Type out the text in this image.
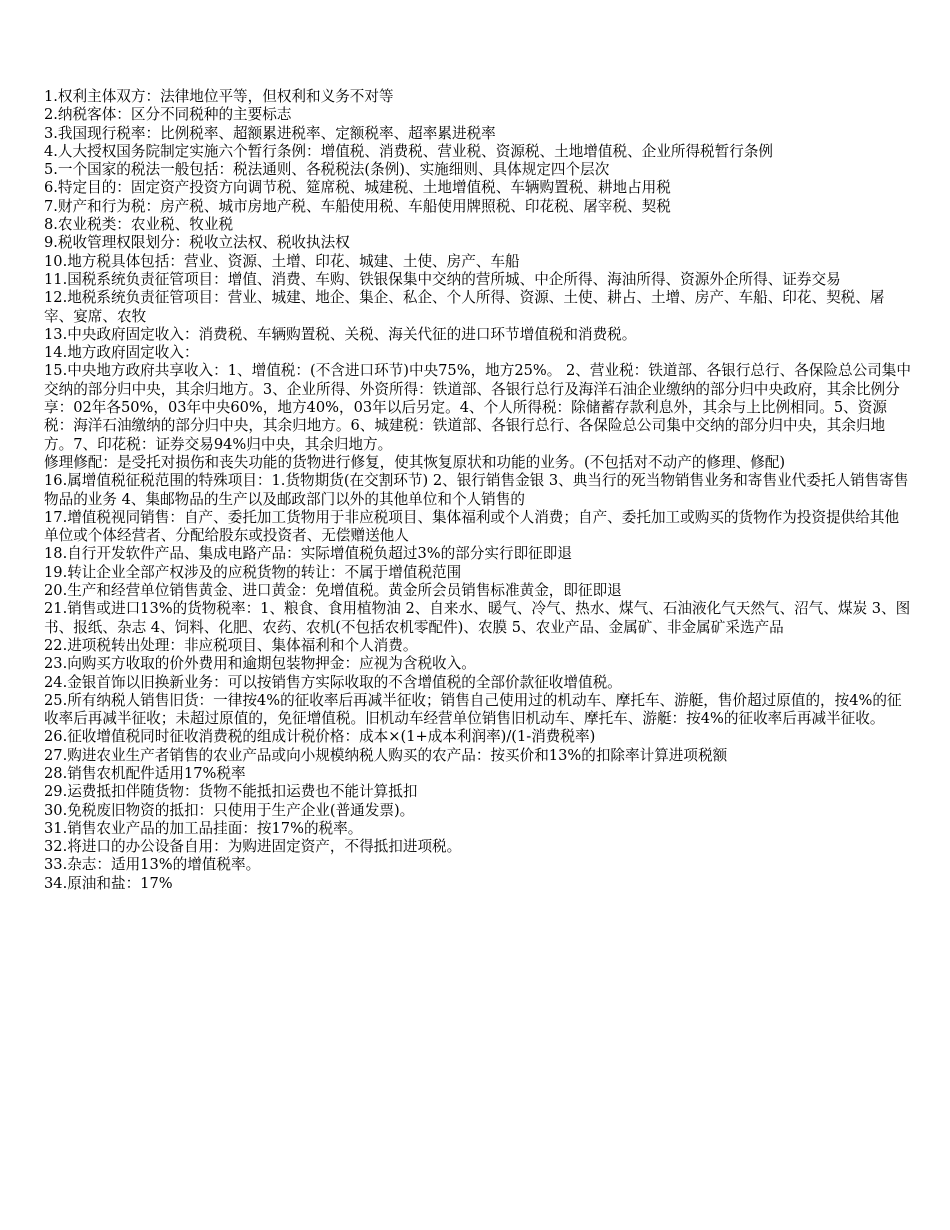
1.权利主体双方：法律地位平等，但权利和义务不对等

2.纳税客体：区分不同税种的主要标志

3.我国现行税率：比例税率、超额累进税率、定额税率、超率累进税率

4.人大授权国务院制定实施六个暂行条例：增值税、消费税、营业税、资源税、土地增值税、企业所得税暂行条例

5.一个国家的税法一般包括：税法通则、各税税法(条例)、实施细则、具体规定四个层次

6.特定目的：固定资产投资方向调节税、筵席税、城建税、土地增值税、车辆购置税、耕地占用税

7.财产和行为税：房产税、城市房地产税、车船使用税、车船使用牌照税、印花税、屠宰税、契税

8.农业税类：农业税、牧业税

9.税收管理权限划分：税收立法权、税收执法权

10.地方税具体包括：营业、资源、土增、印花、城建、土使、房产、车船

11.国税系统负责征管项目：增值、消费、车购、铁银保集中交纳的营所城、中企所得、海油所得、资源外企所得、证券交易

12.地税系统负责征管项目：营业、城建、地企、集企、私企、个人所得、资源、土使、耕占、土增、房产、车船、印花、契税、屠宰、宴席、农牧

13.中央政府固定收入：消费税、车辆购置税、关税、海关代征的进口环节增值税和消费税。

14.地方政府固定收入：

15.中央地方政府共享收入：1、增值税：(不含进口环节)中央75%，地方25%。 2、营业税：铁道部、各银行总行、各保险总公司集中交纳的部分归中央，其余归地方。3、企业所得、外资所得：铁道部、各银行总行及海洋石油企业缴纳的部分归中央政府，其余比例分享：02年各50%，03年中央60%，地方40%，03年以后另定。4、个人所得税：除储蓄存款利息外，其余与上比例相同。5、资源税：海洋石油缴纳的部分归中央，其余归地方。6、城建税：铁道部、各银行总行、各保险总公司集中交纳的部分归中央，其余归地方。7、印花税：证券交易94%归中央，其余归地方。

修理修配：是受托对损伤和丧失功能的货物进行修复，使其恢复原状和功能的业务。(不包括对不动产的修理、修配)

16.属增值税征税范围的特殊项目：1.货物期货(在交割环节) 2、银行销售金银 3、典当行的死当物销售业务和寄售业代委托人销售寄售物品的业务 4、集邮物品的生产以及邮政部门以外的其他单位和个人销售的

17.增值税视同销售：自产、委托加工货物用于非应税项目、集体福利或个人消费；自产、委托加工或购买的货物作为投资提供给其他单位或个体经营者、分配给股东或投资者、无偿赠送他人

18.自行开发软件产品、集成电路产品：实际增值税负超过3%的部分实行即征即退

19.转让企业全部产权涉及的应税货物的转让：不属于增值税范围

20.生产和经营单位销售黄金、进口黄金：免增值税。黄金所会员销售标准黄金，即征即退

21.销售或进口13%的货物税率：1、粮食、食用植物油 2、自来水、暖气、冷气、热水、煤气、石油液化气天然气、沼气、煤炭 3、图书、报纸、杂志 4、饲料、化肥、农药、农机(不包括农机零配件)、农膜 5、农业产品、金属矿、非金属矿采选产品

22.进项税转出处理：非应税项目、集体福利和个人消费。

23.向购买方收取的价外费用和逾期包装物押金：应视为含税收入。

24.金银首饰以旧换新业务：可以按销售方实际收取的不含增值税的全部价款征收增值税。

25.所有纳税人销售旧货：一律按4%的征收率后再减半征收；销售自己使用过的机动车、摩托车、游艇，售价超过原值的，按4%的征收率后再减半征收；未超过原值的，免征增值税。旧机动车经营单位销售旧机动车、摩托车、游艇：按4%的征收率后再减半征收。

26.征收增值税同时征收消费税的组成计税价格：成本×(1+成本利润率)/(1-消费税率)

27.购进农业生产者销售的农业产品或向小规模纳税人购买的农产品：按买价和13%的扣除率计算进项税额

28.销售农机配件适用17%税率

29.运费抵扣伴随货物：货物不能抵扣运费也不能计算抵扣

30.免税废旧物资的抵扣：只使用于生产企业(普通发票)。

31.销售农业产品的加工品挂面：按17%的税率。

32.将进口的办公设备自用：为购进固定资产，不得抵扣进项税。

33.杂志：适用13%的增值税率。

34.原油和盐：17%
